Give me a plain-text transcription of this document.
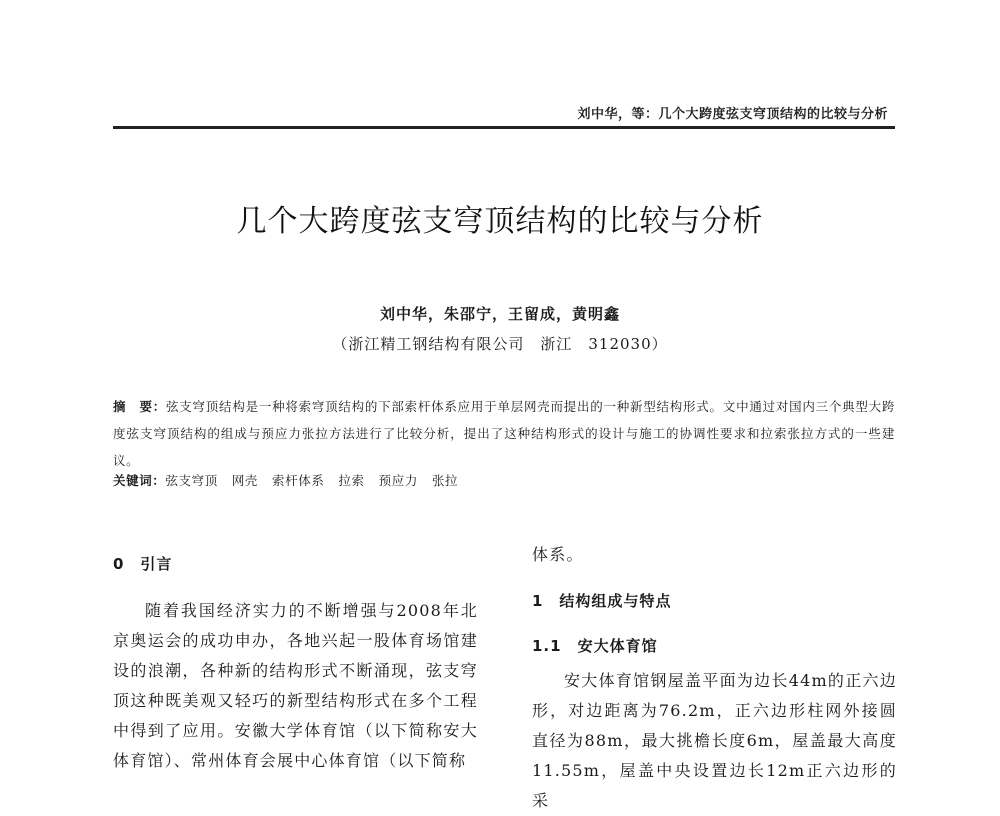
刘中华，等：几个大跨度弦支穹顶结构的比较与分析
几个大跨度弦支穹顶结构的比较与分析
刘中华，朱邵宁，王留成，黄明鑫
（浙江精工钢结构有限公司　浙江　312030）
摘　要：弦支穹顶结构是一种将索穹顶结构的下部索杆体系应用于单层网壳而提出的一种新型结构形式。文中通过对国内三个典型大跨度弦支穹顶结构的组成与预应力张拉方法进行了比较分析，提出了这种结构形式的设计与施工的协调性要求和拉索张拉方式的一些建议。
关键词：弦支穹顶 网壳 索杆体系 拉索 预应力 张拉
0　引言

随着我国经济实力的不断增强与2008年北京奥运会的成功申办，各地兴起一股体育场馆建设的浪潮，各种新的结构形式不断涌现，弦支穹顶这种既美观又轻巧的新型结构形式在多个工程中得到了应用。安徽大学体育馆（以下简称安大体育馆）、常州体育会展中心体育馆（以下简称

体系。

1　结构组成与特点
1.1　安大体育馆

安大体育馆钢屋盖平面为边长44m的正六边形，对边距离为76.2m，正六边形柱网外接圆直径为88m，最大挑檐长度6m，屋盖最大高度11.55m，屋盖中央设置边长12m正六边形的采
